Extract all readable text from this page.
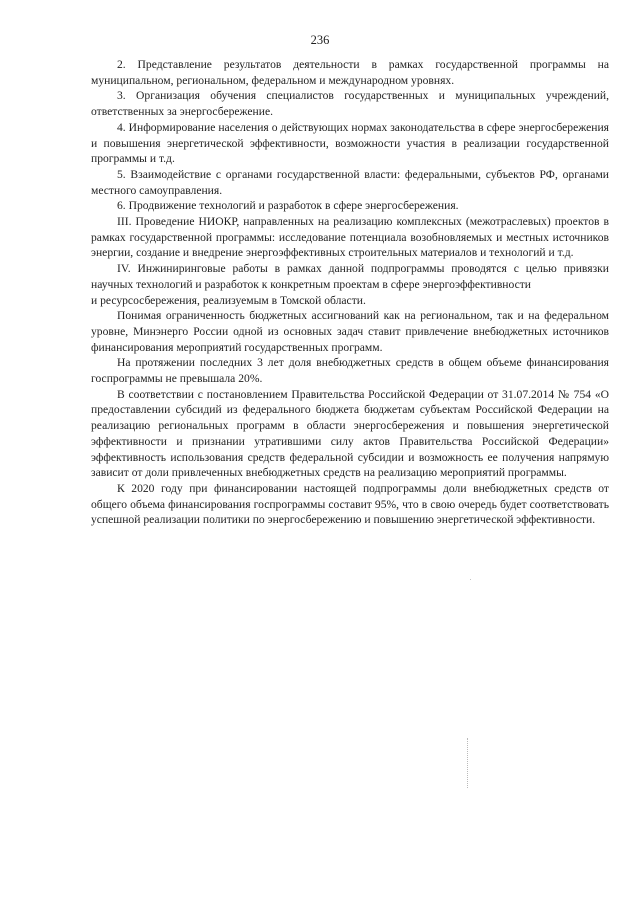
236

2. Представление результатов деятельности в рамках государственной программы на муниципальном, региональном, федеральном и международном уровнях.

3. Организация обучения специалистов государственных и муниципальных учреждений, ответственных за энергосбережение.

4. Информирование населения о действующих нормах законодательства в сфере энергосбережения и повышения энергетической эффективности, возможности участия в реализации государственной программы и т.д.

5. Взаимодействие с органами государственной власти: федеральными, субъектов РФ, органами местного самоуправления.

6. Продвижение технологий и разработок в сфере энергосбережения.

III. Проведение НИОКР, направленных на реализацию комплексных (межотраслевых) проектов в рамках государственной программы: исследование потенциала возобновляемых и местных источников энергии, создание и внедрение энергоэффективных строительных материалов и технологий и т.д.

IV. Инжиниринговые работы в рамках данной подпрограммы проводятся с целью привязки научных технологий и разработок к конкретным проектам в сфере энергоэффективности

и ресурсосбережения, реализуемым в Томской области.

Понимая ограниченность бюджетных ассигнований как на региональном, так и на федеральном уровне, Минэнерго России одной из основных задач ставит привлечение внебюджетных источников финансирования мероприятий государственных программ.

На протяжении последних 3 лет доля внебюджетных средств в общем объеме финансирования госпрограммы не превышала 20%.

В соответствии с постановлением Правительства Российской Федерации от 31.07.2014 № 754 «О предоставлении субсидий из федерального бюджета бюджетам субъектам Российской Федерации на реализацию региональных программ в области энергосбережения и повышения энергетической эффективности и признании утратившими силу актов Правительства Российской Федерации» эффективность использования средств федеральной субсидии и возможность ее получения напрямую зависит от доли привлеченных внебюджетных средств на реализацию мероприятий программы.

К 2020 году при финансировании настоящей подпрограммы доли внебюджетных средств от общего объема финансирования госпрограммы составит 95%, что в свою очередь будет соответствовать успешной реализации политики по энергосбережению и повышению энергетической эффективности.
